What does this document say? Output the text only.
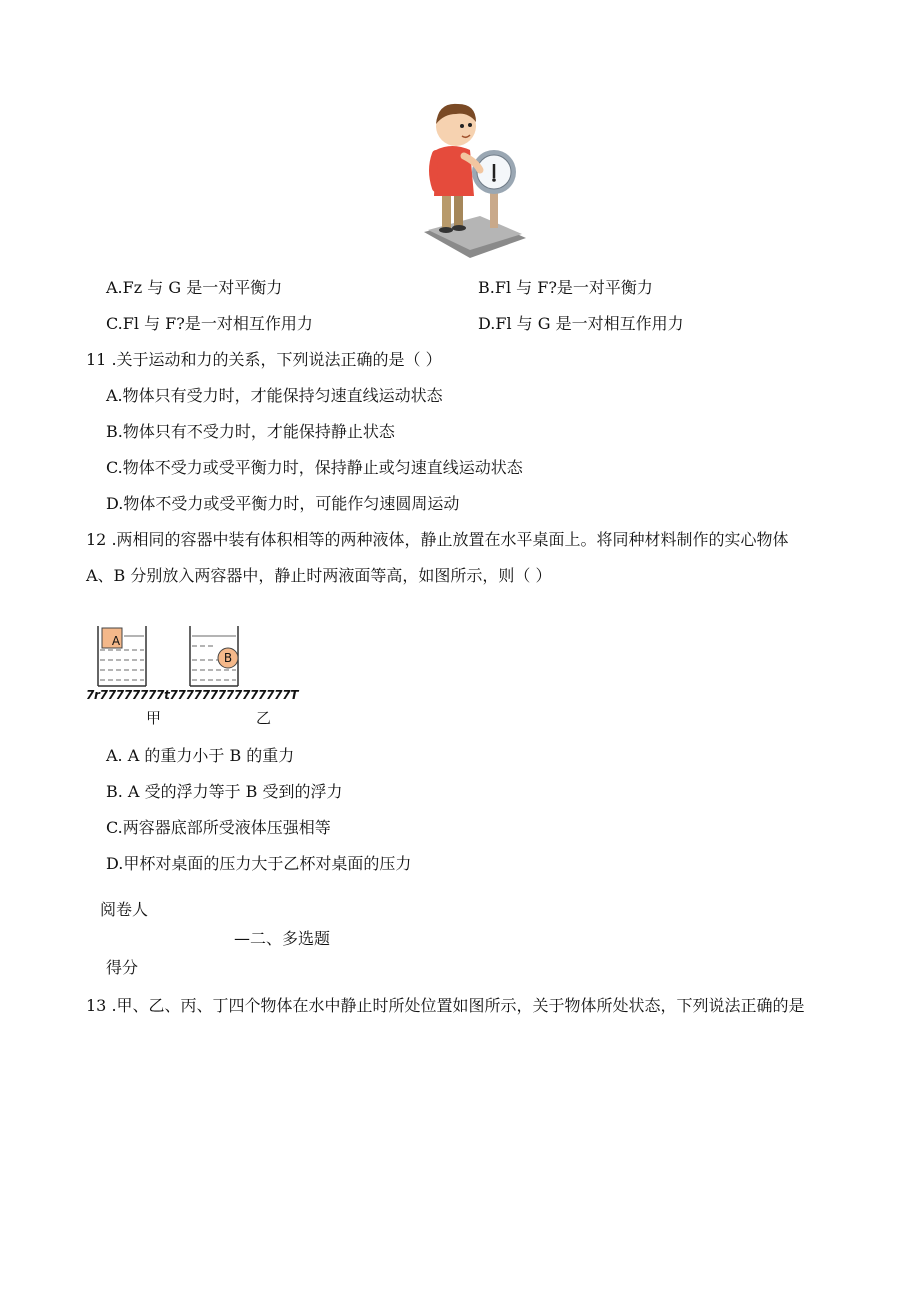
A.Fz 与 G 是一对平衡力	B.Fl 与 F?是一对平衡力
C.Fl 与 F?是一对相互作用力	D.Fl 与 G 是一对相互作用力
11 .关于运动和力的关系，下列说法正确的是（ ）
A.物体只有受力时，才能保持匀速直线运动状态
B.物体只有不受力时，才能保持静止状态
C.物体不受力或受平衡力时，保持静止或匀速直线运动状态
D.物体不受力或受平衡力时，可能作匀速圆周运动
12 .两相同的容器中装有体积相等的两种液体，静止放置在水平桌面上。将同种材料制作的实心物体
A、B 分别放入两容器中，静止时两液面等高，如图所示，则（ ）
A
B
7r77777777t777777777777777T
甲	乙
A. A 的重力小于 B 的重力
B. A 受的浮力等于 B 受到的浮力
C.两容器底部所受液体压强相等
D.甲杯对桌面的压力大于乙杯对桌面的压力
阅卷人
—二、多选题
得分
13 .甲、乙、丙、丁四个物体在水中静止时所处位置如图所示，关于物体所处状态，下列说法正确的是
